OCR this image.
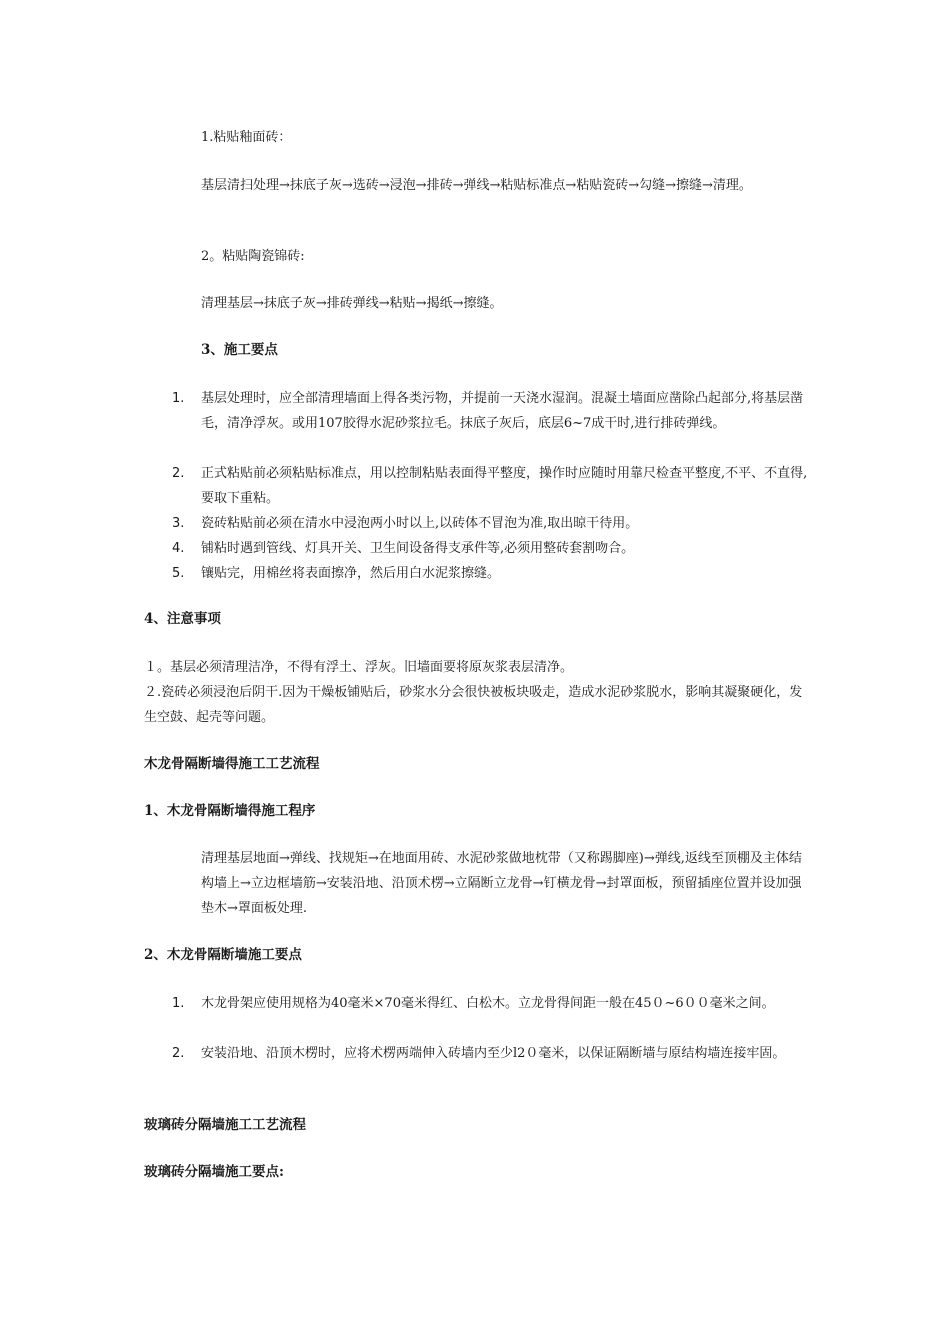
1.粘贴釉面砖：
基层清扫处理→抹底子灰→选砖→浸泡→排砖→弹线→粘贴标准点→粘贴瓷砖→勾缝→擦缝→清理。
2。粘贴陶瓷锦砖:
清理基层→抹底子灰→排砖弹线→粘贴→揭纸→擦缝。
3、施工要点
1.	基层处理时，应全部清理墙面上得各类污物，并提前一天浇水湿润。混凝土墙面应凿除凸起部分,将基层凿毛，清净浮灰。或用107胶得水泥砂浆拉毛。抹底子灰后，底层6~7成干时,进行排砖弹线。
2.	正式粘贴前必须粘贴标准点，用以控制粘贴表面得平整度，操作时应随时用靠尺检查平整度,不平、不直得,要取下重粘。
3.	瓷砖粘贴前必须在清水中浸泡两小时以上,以砖体不冒泡为准,取出晾干待用。
4.	铺粘时遇到管线、灯具开关、卫生间设备得支承件等,必须用整砖套割吻合。
5.	镶贴完，用棉丝将表面擦净，然后用白水泥浆擦缝。
4、注意事项
１。基层必须清理洁净，不得有浮土、浮灰。旧墙面要将原灰浆表层清净。
２.瓷砖必须浸泡后阴干.因为干燥板铺贴后，砂浆水分会很快被板块吸走，造成水泥砂浆脱水，影响其凝聚硬化，发生空鼓、起壳等问题。
木龙骨隔断墙得施工工艺流程
1、木龙骨隔断墙得施工程序
清理基层地面→弹线、找规矩→在地面用砖、水泥砂浆做地枕带（又称踢脚座)→弹线,返线至顶棚及主体结构墙上→立边框墙筋→安装沿地、沿顶术楞→立隔断立龙骨→钉横龙骨→封罩面板，预留插座位置并设加强垫木→罩面板处理.
2、木龙骨隔断墙施工要点
1.	木龙骨架应使用规格为40毫米×70毫米得红、白松木。立龙骨得间距一般在45０~6００毫米之间。
2.	安装沿地、沿顶木楞时，应将术楞两端伸入砖墙内至少l2０毫米，以保证隔断墙与原结构墙连接牢固。
玻璃砖分隔墙施工工艺流程
玻璃砖分隔墙施工要点:
